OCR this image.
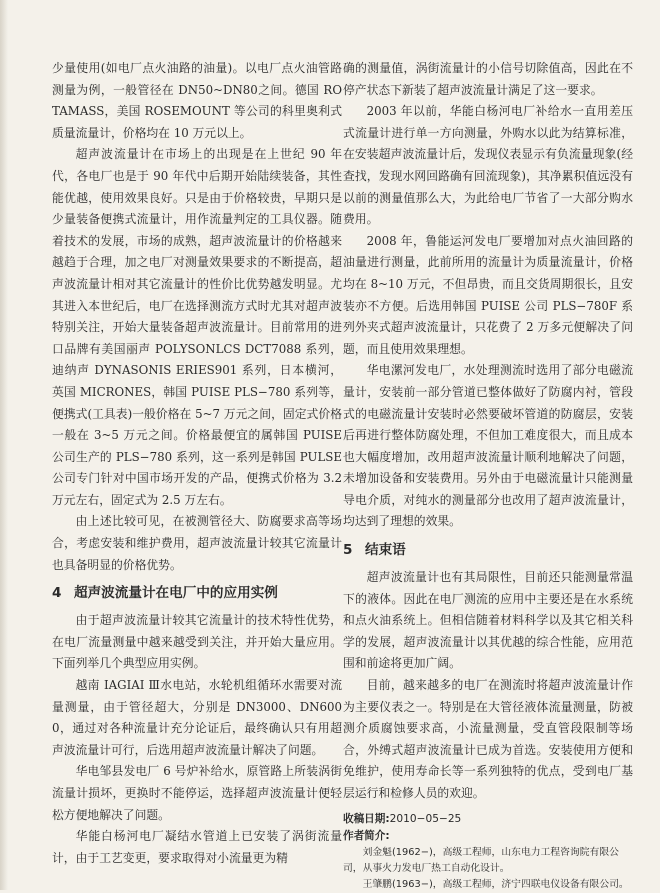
少量使用(如电厂点火油路的油量)。以电厂点火油管路测量为例，一般管径在 DN50~DN80之间。德国 ROTAMASS，美国 ROSEMOUNT 等公司的科里奥利式质量流量计，价格均在 10 万元以上。

超声波流量计在市场上的出现是在上世纪 90 年代，各电厂也是于 90 年代中后期开始陆续装备，其性能优越，使用效果良好。只是由于价格较贵，早期只是少量装备便携式流量计，用作流量判定的工具仪器。随着技术的发展，市场的成熟，超声波流量计的价格越来越趋于合理，加之电厂对测量效果要求的不断提高，超声波流量计相对其它流量计的性价比优势越发明显。尤其进入本世纪后，电厂在选择测流方式时尤其对超声波特别关注，开始大量装备超声波流量计。目前常用的进口品牌有美国丽声 POLYSONLCS DCT7088 系列，迪纳声 DYNASONIS ERIES901 系列，日本横河，英国 MICRONES，韩国 PUISE PLS−780 系列等，便携式(工具表)一般价格在 5~7 万元之间，固定式价格一般在 3~5 万元之间。价格最便宜的属韩国 PUISE 公司生产的 PLS−780 系列，这一系列是韩国 PULSE 公司专门针对中国市场开发的产品，便携式价格为 3.2 万元左右，固定式为 2.5 万左右。

由上述比较可见，在被测管径大、防腐要求高等场合，考虑安装和维护费用，超声波流量计较其它流量计也具备明显的价格优势。

4 超声波流量计在电厂中的应用实例

由于超声波流量计较其它流量计的技术特性优势，在电厂流量测量中越来越受到关注，并开始大量应用。下面列举几个典型应用实例。

越南 IAGIAI Ⅲ水电站，水轮机组循环水需要对流量测量，由于管径超大，分别是 DN3000、DN6000，通过对各种流量计充分论证后，最终确认只有用超声波流量计可行，后选用超声波流量计解决了问题。

华电邹县发电厂 6 号炉补给水，原管路上所装涡街流量计损坏，更换时不能停运，选择超声波流量计便轻松方便地解决了问题。

华能白杨河电厂凝结水管道上已安装了涡街流量计，由于工艺变更，要求取得对小流量更为精

确的测量值，涡街流量计的小信号切除值高，因此在不停产状态下新装了超声波流量计满足了这一要求。

2003 年以前，华能白杨河电厂补给水一直用差压式流量计进行单一方向测量，外购水以此为结算标准，在安装超声波流量计后，发现仪表显示有负流量现象(经查找，发现水网回路确有回流现象)，其净累积值远没有以前的测量值那么大，为此给电厂节省了一大部分购水费用。

2008 年，鲁能运河发电厂要增加对点火油回路的油量进行测量，此前所用的流量计为质量流量计，价格均在 8~10 万元，不但昂贵，而且交货周期很长，且安装亦不方便。后选用韩国 PUISE 公司 PLS−780F 系列外夹式超声波流量计，只花费了 2 万多元便解决了问题，而且使用效果理想。

华电漯河发电厂，水处理测流时选用了部分电磁流量计，安装前一部分管道已整体做好了防腐内衬，管段式的电磁流量计安装时必然要破坏管道的防腐层，安装后再进行整体防腐处理，不但加工难度很大，而且成本也大幅度增加，改用超声波流量计顺利地解决了问题，未增加设备和安装费用。另外由于电磁流量计只能测量导电介质，对纯水的测量部分也改用了超声波流量计，均达到了理想的效果。

5 结束语

超声波流量计也有其局限性，目前还只能测量常温下的液体。因此在电厂测流的应用中主要还是在水系统和点火油系统上。但相信随着材料科学以及其它相关科学的发展，超声波流量计以其优越的综合性能，应用范围和前途将更加广阔。

目前，越来越多的电厂在测流时将超声波流量计作为主要仪表之一。特别是在大管径液体流量测量，防被测介质腐蚀要求高，小流量测量，受直管段限制等场合，外缚式超声波流量计已成为首选。安装使用方便和免维护，使用寿命长等一系列独特的优点，受到电厂基层运行和检修人员的欢迎。

收稿日期:2010−05−25
作者简介:
刘金魁(1962−)，高级工程师，山东电力工程咨询院有限公司，从事火力发电厂热工自动化设计。
王肇鹏(1963−)，高级工程师，济宁四联电仪设备有限公司。
